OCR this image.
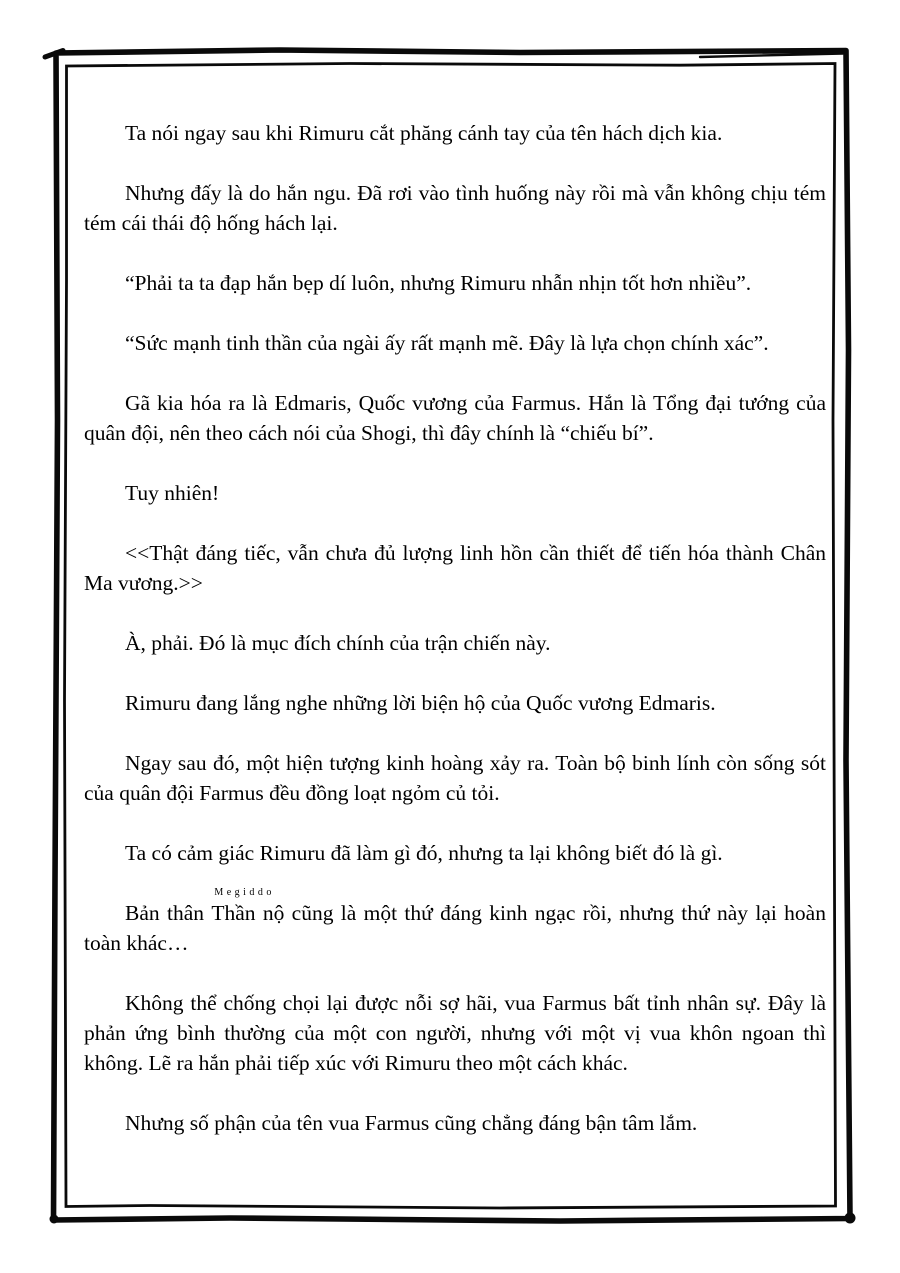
Ta nói ngay sau khi Rimuru cắt phăng cánh tay của tên hách dịch kia.

Nhưng đấy là do hắn ngu. Đã rơi vào tình huống này rồi mà vẫn không chịu tém tém cái thái độ hống hách lại.

“Phải ta ta đạp hắn bẹp dí luôn, nhưng Rimuru nhẫn nhịn tốt hơn nhiều”.

“Sức mạnh tinh thần của ngài ấy rất mạnh mẽ. Đây là lựa chọn chính xác”.

Gã kia hóa ra là Edmaris, Quốc vương của Farmus. Hắn là Tổng đại tướng của quân đội, nên theo cách nói của Shogi, thì đây chính là “chiếu bí”.

Tuy nhiên!

<<Thật đáng tiếc, vẫn chưa đủ lượng linh hồn cần thiết để tiến hóa thành Chân Ma vương.>>

À, phải. Đó là mục đích chính của trận chiến này.

Rimuru đang lắng nghe những lời biện hộ của Quốc vương Edmaris.

Ngay sau đó, một hiện tượng kinh hoàng xảy ra. Toàn bộ binh lính còn sống sót của quân đội Farmus đều đồng loạt ngỏm củ tỏi.

Ta có cảm giác Rimuru đã làm gì đó, nhưng ta lại không biết đó là gì.

Bản thân
Megiddo
Thần nộ cũng là một thứ đáng kinh ngạc rồi, nhưng thứ này lại hoàn toàn khác…

Không thể chống chọi lại được nỗi sợ hãi, vua Farmus bất tỉnh nhân sự. Đây là phản ứng bình thường của một con người, nhưng với một vị vua khôn ngoan thì không. Lẽ ra hắn phải tiếp xúc với Rimuru theo một cách khác.

Nhưng số phận của tên vua Farmus cũng chẳng đáng bận tâm lắm.
